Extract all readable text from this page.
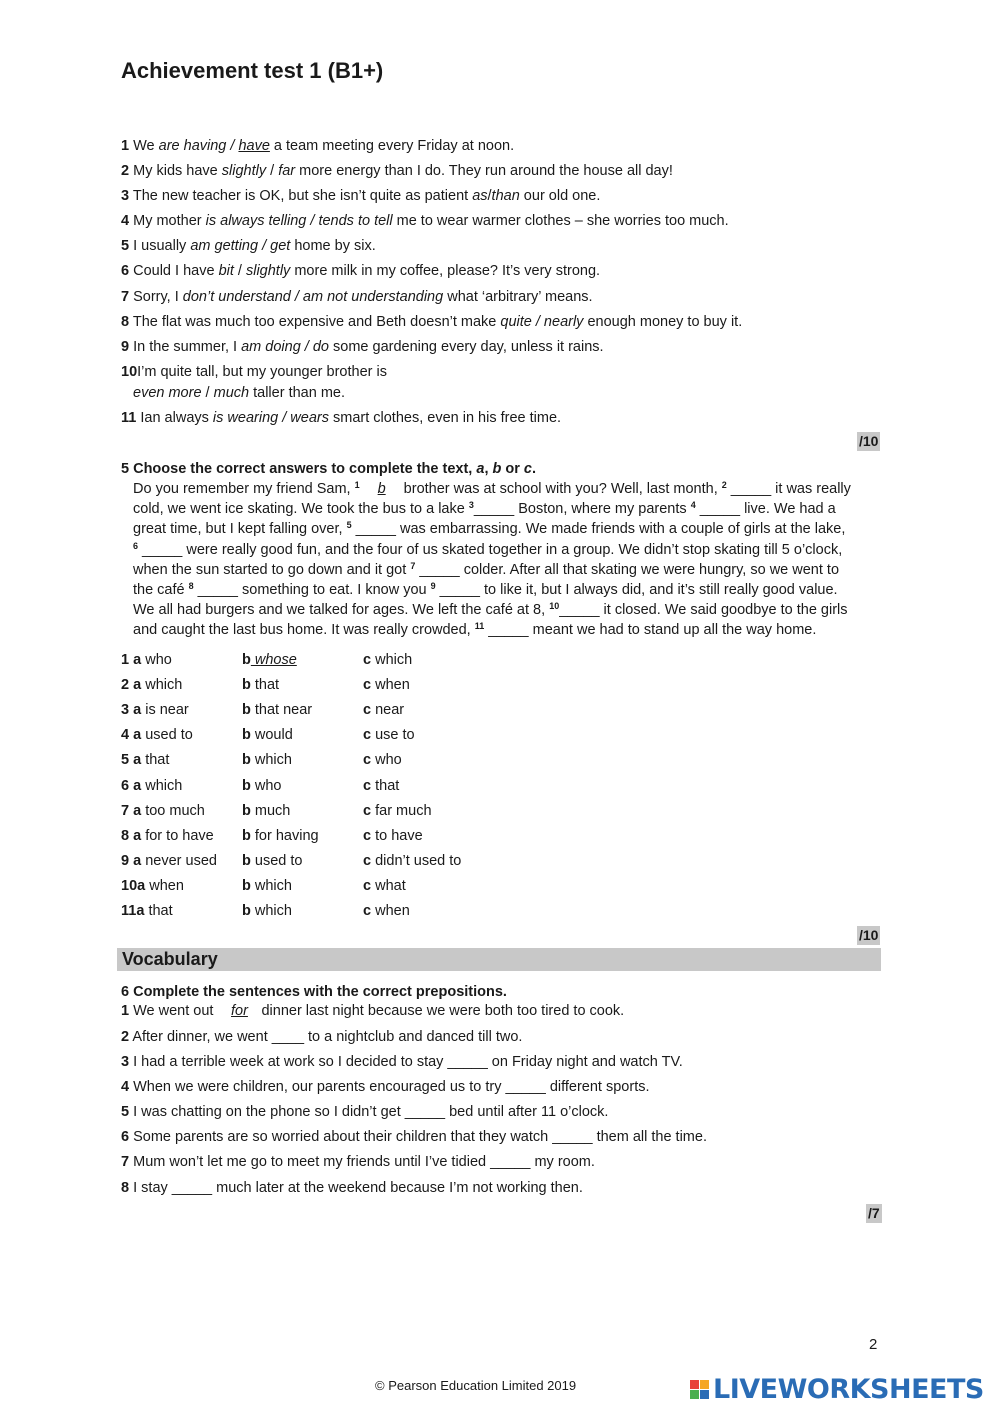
Achievement test 1 (B1+)
1 We are having / have a team meeting every Friday at noon.
2 My kids have slightly / far more energy than I do. They run around the house all day!
3 The new teacher is OK, but she isn’t quite as patient as/than our old one.
4 My mother is always telling / tends to tell me to wear warmer clothes – she worries too much.
5 I usually am getting / get home by six.
6 Could I have bit / slightly more milk in my coffee, please? It’s very strong.
7 Sorry, I don’t understand / am not understanding what ‘arbitrary’ means.
8 The flat was much too expensive and Beth doesn’t make quite / nearly enough money to buy it.
9 In the summer, I am doing / do some gardening every day, unless it rains.
10I’m quite tall, but my younger brother is
even more / much taller than me.
11 Ian always is wearing / wears smart clothes, even in his free time.
/10
5 Choose the correct answers to complete the text, a, b or c.
Do you remember my friend Sam, $^1$ b brother was at school with you? Well, last month, $^2$ _____ it was really
cold, we went ice skating. We took the bus to a lake $^3$_____ Boston, where my parents $^4$ _____ live. We had a
great time, but I kept falling over, $^5$ _____ was embarrassing. We made friends with a couple of girls at the lake,
$^6$ _____ were really good fun, and the four of us skated together in a group. We didn’t stop skating till 5 o’clock,
when the sun started to go down and it got $^7$ _____ colder. After all that skating we were hungry, so we went to
the café $^8$ _____ something to eat. I know you $^9$ _____ to like it, but I always did, and it’s still really good value.
We all had burgers and we talked for ages. We left the café at 8, $^{10}$_____ it closed. We said goodbye to the girls
and caught the last bus home. It was really crowded, $^{11}$ _____ meant we had to stand up all the way home.
1 a who	b whose	c which
2 a which	b that	c when
3 a is near	b that near	c near
4 a used to	b would	c use to
5 a that	b which	c who
6 a which	b who	c that
7 a too much	b much	c far much
8 a for to have b for having	c to have
9 a never used b used to	c didn’t used to
10a when	b which	c what
11a that	b which	c when
/10
Vocabulary
6 Complete the sentences with the correct prepositions.
1 We went out for dinner last night because we were both too tired to cook.
2 After dinner, we went ____ to a nightclub and danced till two.
3 I had a terrible week at work so I decided to stay _____ on Friday night and watch TV.
4 When we were children, our parents encouraged us to try _____ different sports.
5 I was chatting on the phone so I didn’t get _____ bed until after 11 o’clock.
6 Some parents are so worried about their children that they watch _____ them all the time.
7 Mum won’t let me go to meet my friends until I’ve tidied _____ my room.
8 I stay _____ much later at the weekend because I’m not working then.
/7
2
© Pearson Education Limited 2019	LIVEWORKSHEETS
